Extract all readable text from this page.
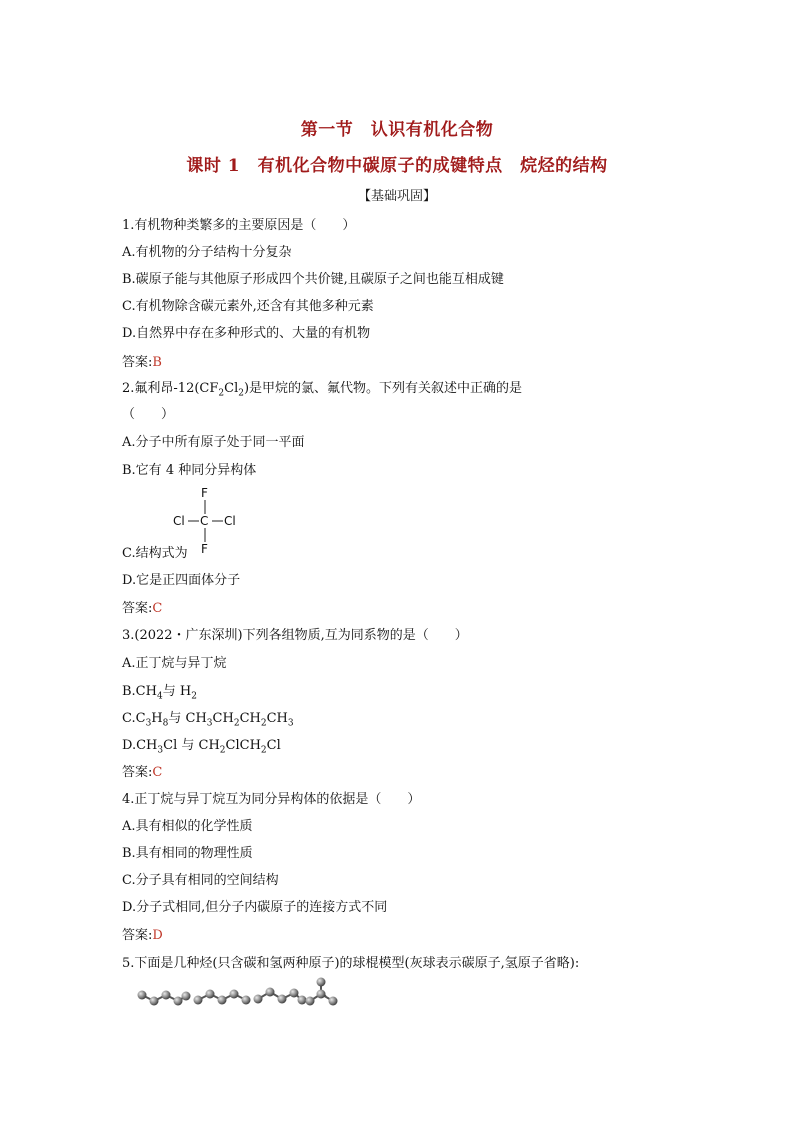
第一节　认识有机化合物
课时 1　有机化合物中碳原子的成键特点　烷烃的结构
【基础巩固】
1.有机物种类繁多的主要原因是（　　）
A.有机物的分子结构十分复杂
B.碳原子能与其他原子形成四个共价键,且碳原子之间也能互相成键
C.有机物除含碳元素外,还含有其他多种元素
D.自然界中存在多种形式的、大量的有机物
答案:B
2.氟利昂$-12(CF_2Cl_2)$是甲烷的氯、氟代物。下列有关叙述中正确的是
（　　）
A.分子中所有原子处于同一平面
B.它有 4 种同分异构体
F
Cl C Cl
F
C.结构式为
D.它是正四面体分子
答案:C
3.(2022・广东深圳)下列各组物质,互为同系物的是（　　）
A.正丁烷与异丁烷
$B.CH_4$与 $H_2$
$C.C_3H_8$与 $CH_3CH_2CH_2CH_3$
$D.CH_3Cl$ 与 $CH_2ClCH_2Cl$
答案:C
4.正丁烷与异丁烷互为同分异构体的依据是（　　）
A.具有相似的化学性质
B.具有相同的物理性质
C.分子具有相同的空间结构
D.分子式相同,但分子内碳原子的连接方式不同
答案:D
5.下面是几种烃(只含碳和氢两种原子)的球棍模型(灰球表示碳原子,氢原子省略):
